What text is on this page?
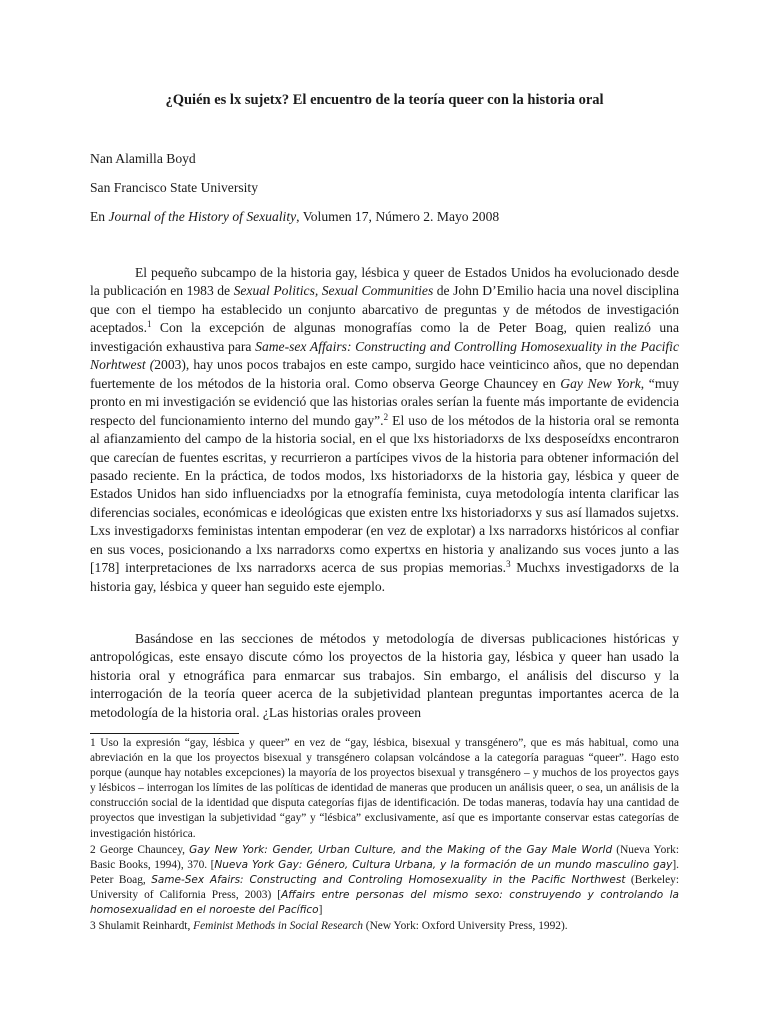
¿Quién es lx sujetx? El encuentro de la teoría queer con la historia oral
Nan Alamilla Boyd
San Francisco State University
En Journal of the History of Sexuality, Volumen 17, Número 2. Mayo 2008
El pequeño subcampo de la historia gay, lésbica y queer de Estados Unidos ha evolucionado desde la publicación en 1983 de Sexual Politics, Sexual Communities de John D’Emilio hacia una novel disciplina que con el tiempo ha establecido un conjunto abarcativo de preguntas y de métodos de investigación aceptados.$^1$ Con la excepción de algunas monografías como la de Peter Boag, quien realizó una investigación exhaustiva para Same-sex Affairs: Constructing and Controlling Homosexuality in the Pacific Norhtwest (2003), hay unos pocos trabajos en este campo, surgido hace veinticinco años, que no dependan fuertemente de los métodos de la historia oral. Como observa George Chauncey en Gay New York, “muy pronto en mi investigación se evidenció que las historias orales serían la fuente más importante de evidencia respecto del funcionamiento interno del mundo gay”.$^2$ El uso de los métodos de la historia oral se remonta al afianzamiento del campo de la historia social, en el que lxs historiadorxs de lxs desposeídxs encontraron que carecían de fuentes escritas, y recurrieron a partícipes vivos de la historia para obtener información del pasado reciente. En la práctica, de todos modos, lxs historiadorxs de la historia gay, lésbica y queer de Estados Unidos han sido influenciadxs por la etnografía feminista, cuya metodología intenta clarificar las diferencias sociales, económicas e ideológicas que existen entre lxs historiadorxs y sus así llamados sujetxs. Lxs investigadorxs feministas intentan empoderar (en vez de explotar) a lxs narradorxs históricos al confiar en sus voces, posicionando a lxs narradorxs como expertxs en historia y analizando sus voces junto a las [178] interpretaciones de lxs narradorxs acerca de sus propias memorias.$^3$ Muchxs investigadorxs de la historia gay, lésbica y queer han seguido este ejemplo.
Basándose en las secciones de métodos y metodología de diversas publicaciones históricas y antropológicas, este ensayo discute cómo los proyectos de la historia gay, lésbica y queer han usado la historia oral y etnográfica para enmarcar sus trabajos. Sin embargo, el análisis del discurso y la interrogación de la teoría queer acerca de la subjetividad plantean preguntas importantes acerca de la metodología de la historia oral. ¿Las historias orales proveen

1 Uso la expresión “gay, lésbica y queer” en vez de “gay, lésbica, bisexual y transgénero”, que es más habitual, como una abreviación en la que los proyectos bisexual y transgénero colapsan volcándose a la categoría paraguas “queer”. Hago esto porque (aunque hay notables excepciones) la mayoría de los proyectos bisexual y transgénero – y muchos de los proyectos gays y lésbicos – interrogan los límites de las políticas de identidad de maneras que producen un análisis queer, o sea, un análisis de la construcción social de la identidad que disputa categorías fijas de identificación. De todas maneras, todavía hay una cantidad de proyectos que investigan la subjetividad “gay” y “lésbica” exclusivamente, así que es importante conservar estas categorías de investigación histórica.

2 George Chauncey, Gay New York: Gender, Urban Culture, and the Making of the Gay Male World (Nueva York: Basic Books, 1994), 370. [Nueva York Gay: Género, Cultura Urbana, y la formación de un mundo masculino gay]. Peter Boag, Same-Sex Afairs: Constructing and Controling Homosexuality in the Pacific Northwest (Berkeley: University of California Press, 2003) [Affairs entre personas del mismo sexo: construyendo y controlando la homosexualidad en el noroeste del Pacífico]

3 Shulamit Reinhardt, Feminist Methods in Social Research (New York: Oxford University Press, 1992).
